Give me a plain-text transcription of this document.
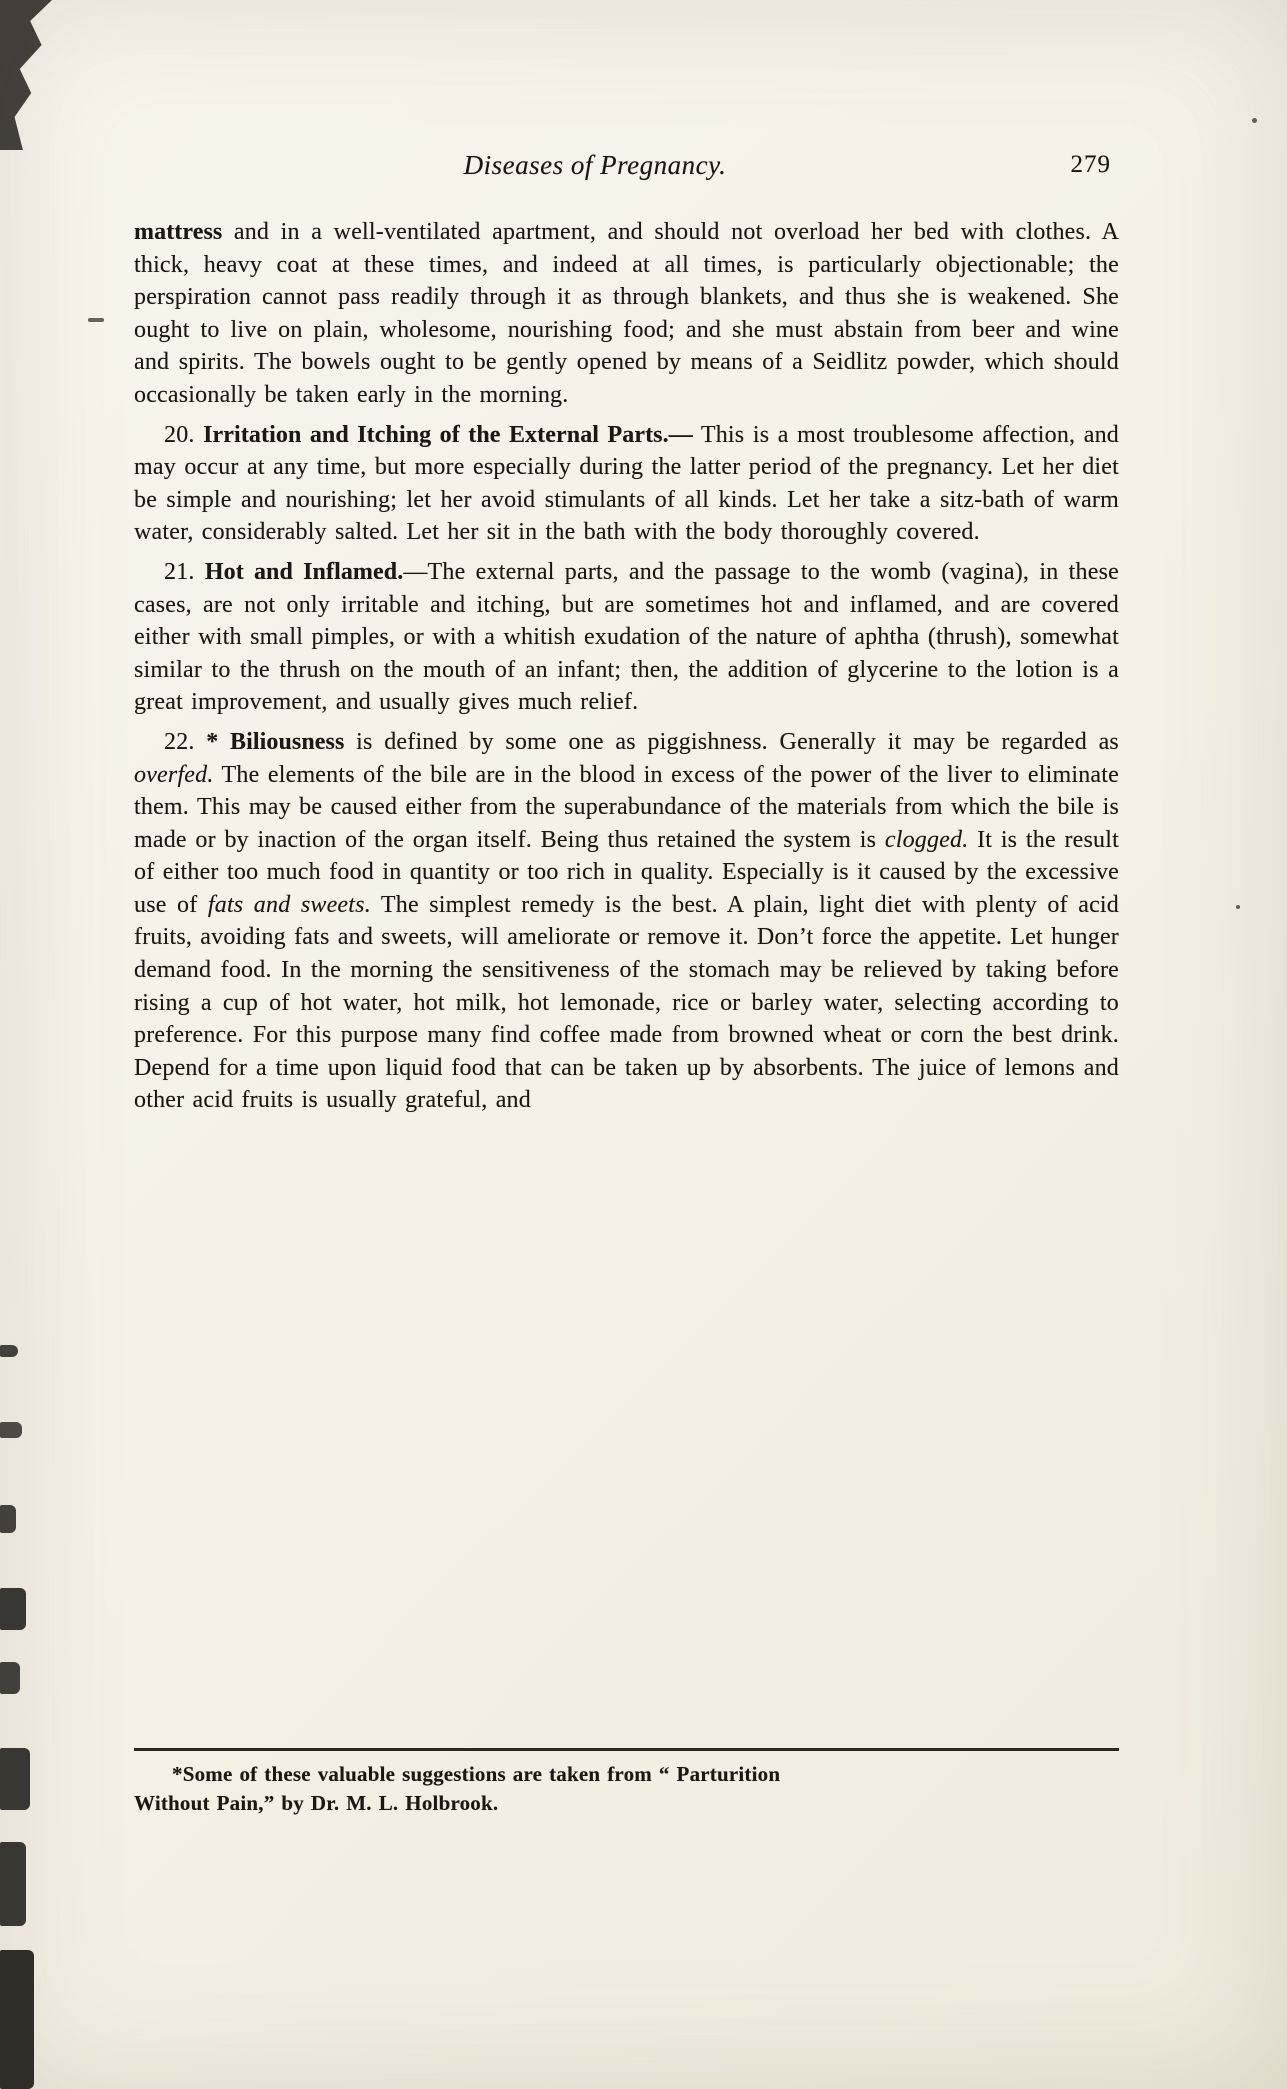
Diseases of Pregnancy.	279

mattress and in a well-ventilated apartment, and should not overload her bed with clothes. A thick, heavy coat at these times, and indeed at all times, is particularly objectionable; the perspiration cannot pass readily through it as through blankets, and thus she is weakened. She ought to live on plain, wholesome, nourishing food; and she must abstain from beer and wine and spirits. The bowels ought to be gently opened by means of a Seidlitz powder, which should occasionally be taken early in the morning.

20. Irritation and Itching of the External Parts.— This is a most troublesome affection, and may occur at any time, but more especially during the latter period of the pregnancy. Let her diet be simple and nourishing; let her avoid stimulants of all kinds. Let her take a sitz-bath of warm water, considerably salted. Let her sit in the bath with the body thoroughly covered.

21. Hot and Inflamed.—The external parts, and the passage to the womb (vagina), in these cases, are not only irritable and itching, but are sometimes hot and inflamed, and are covered either with small pimples, or with a whitish exudation of the nature of aphtha (thrush), somewhat similar to the thrush on the mouth of an infant; then, the addition of glycerine to the lotion is a great improvement, and usually gives much relief.

22. * Biliousness is defined by some one as piggishness. Generally it may be regarded as overfed. The elements of the bile are in the blood in excess of the power of the liver to eliminate them. This may be caused either from the superabundance of the materials from which the bile is made or by inaction of the organ itself. Being thus retained the system is clogged. It is the result of either too much food in quantity or too rich in quality. Especially is it caused by the excessive use of fats and sweets. The simplest remedy is the best. A plain, light diet with plenty of acid fruits, avoiding fats and sweets, will ameliorate or remove it. Don’t force the appetite. Let hunger demand food. In the morning the sensitiveness of the stomach may be relieved by taking before rising a cup of hot water, hot milk, hot lemonade, rice or barley water, selecting according to preference. For this purpose many find coffee made from browned wheat or corn the best drink. Depend for a time upon liquid food that can be taken up by absorbents. The juice of lemons and other acid fruits is usually grateful, and

*Some of these valuable suggestions are taken from “ Parturition
Without Pain,” by Dr. M. L. Holbrook.
